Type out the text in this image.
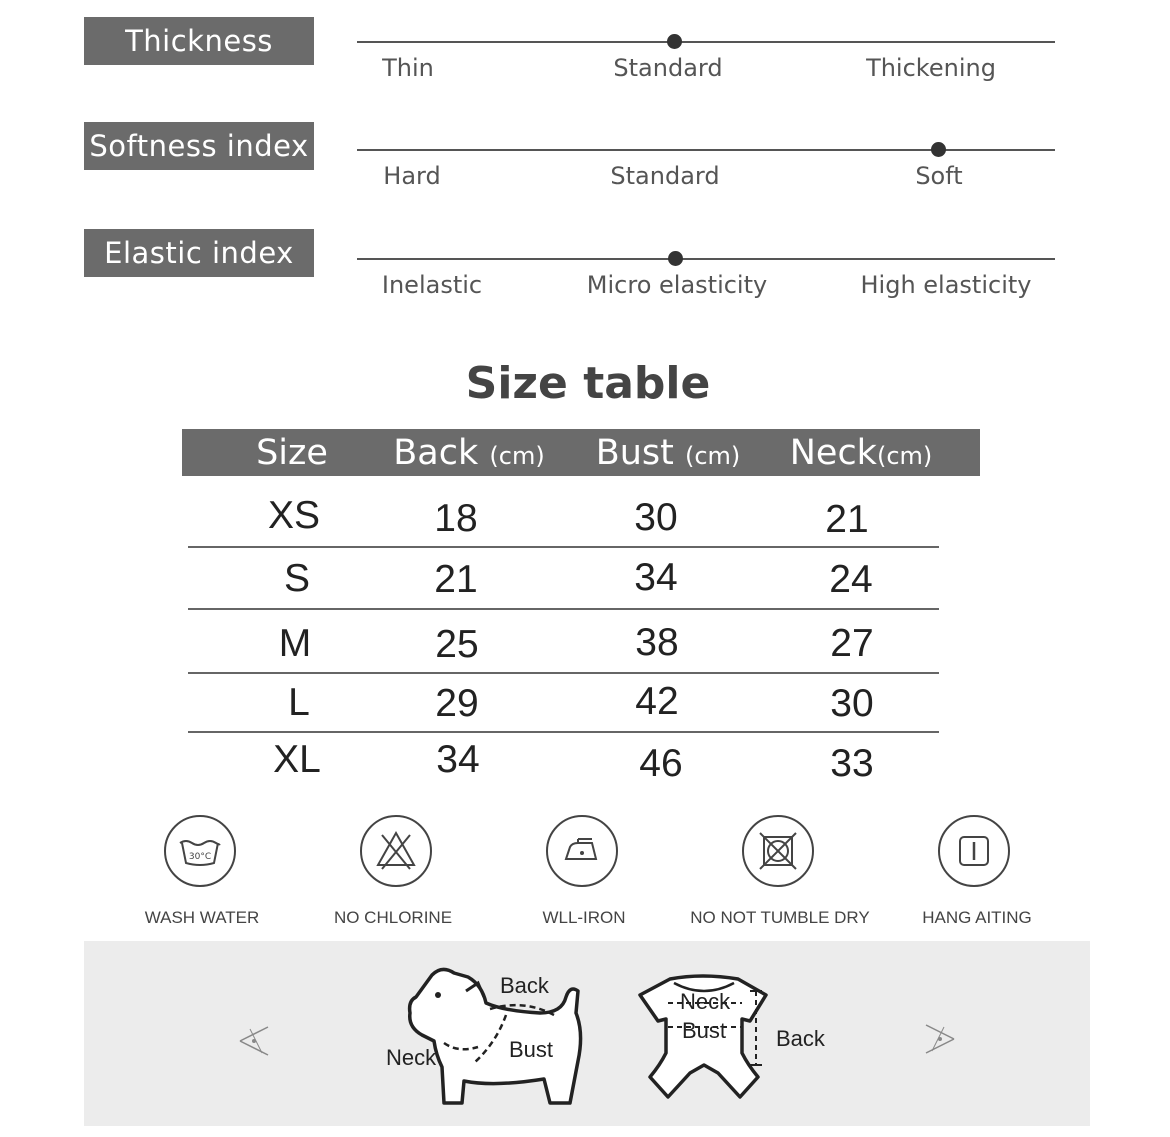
Thickness index
Thin	Standard	Thickening
Softness index
Hard	Standard	Soft
Elastic index
Inelastic	Micro elasticity	High elasticity
Size table
Size Back (cm) Bust (cm) Neck(cm)
XS	18	30	21
S	21	34	24
M	25	38	27
L	29	42	30
XL	34	46	33
30°C
WASH WATER	NO CHLORINE	WLL-IRON	NO NOT TUMBLE DRY	HANG AITING
Back
Bust
Neck
Neck
Bust Back
